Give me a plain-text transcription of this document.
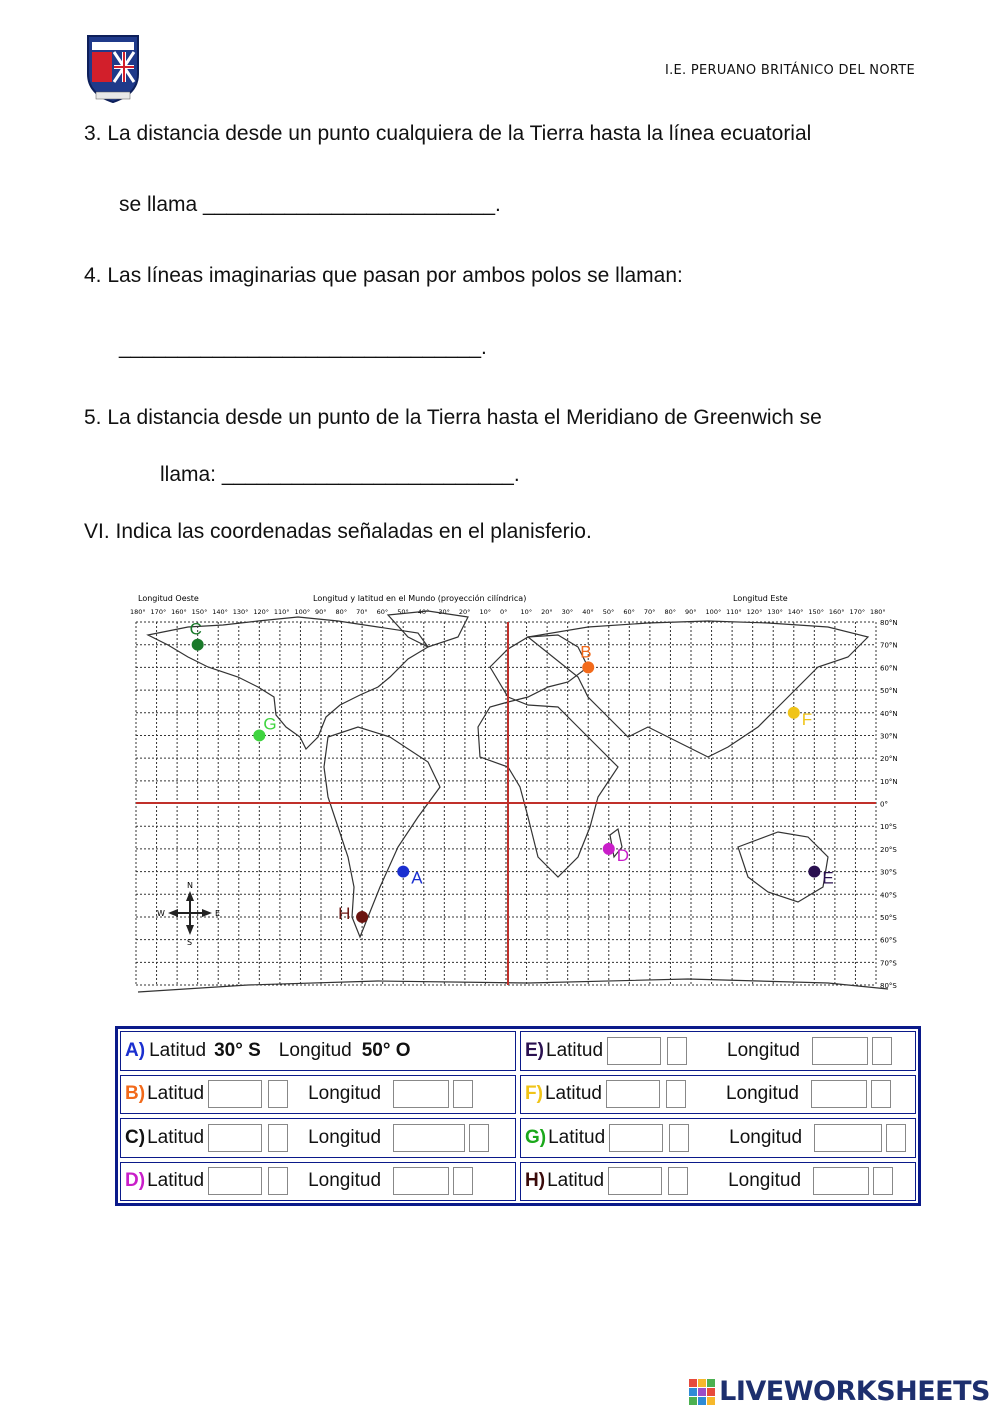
I.E. PERUANO BRITÁNICO DEL NORTE
3. La distancia desde un punto cualquiera de la Tierra hasta la línea ecuatorial
se llama _________________________.
4. Las líneas imaginarias que pasan por ambos polos se llaman:
_______________________________.
5. La distancia desde un punto de la Tierra hasta el Meridiano de Greenwich se
llama: _________________________.
VI. Indica las coordenadas señaladas en el planisferio.
Longitud Oeste	Longitud y latitud en el Mundo (proyección cilíndrica)	Longitud Este
180° 170° 160° 150° 140° 130° 120° 110° 100° 90° 80° 70° 60° 50° 40° 30° 20° 10° 0° 10° 20° 30° 40° 50° 60° 70° 80° 90° 100° 110° 120° 130° 140° 150° 160° 170° 180°
80°N
70°N
60°N
50°N
40°N
30°N
20°N
10°N
0°
10°S
20°S
30°S
40°S
50°S
60°S
70°S
80°S
N
S
E
W
A
B
C
D
E
F
G
H
A) Latitud 30° S Longitud 50° O	E) Latitud	Longitud
B) Latitud	Longitud	F) Latitud	Longitud
C) Latitud	Longitud	G) Latitud	Longitud
D) Latitud	Longitud	H) Latitud	Longitud
LIVEWORKSHEETS
